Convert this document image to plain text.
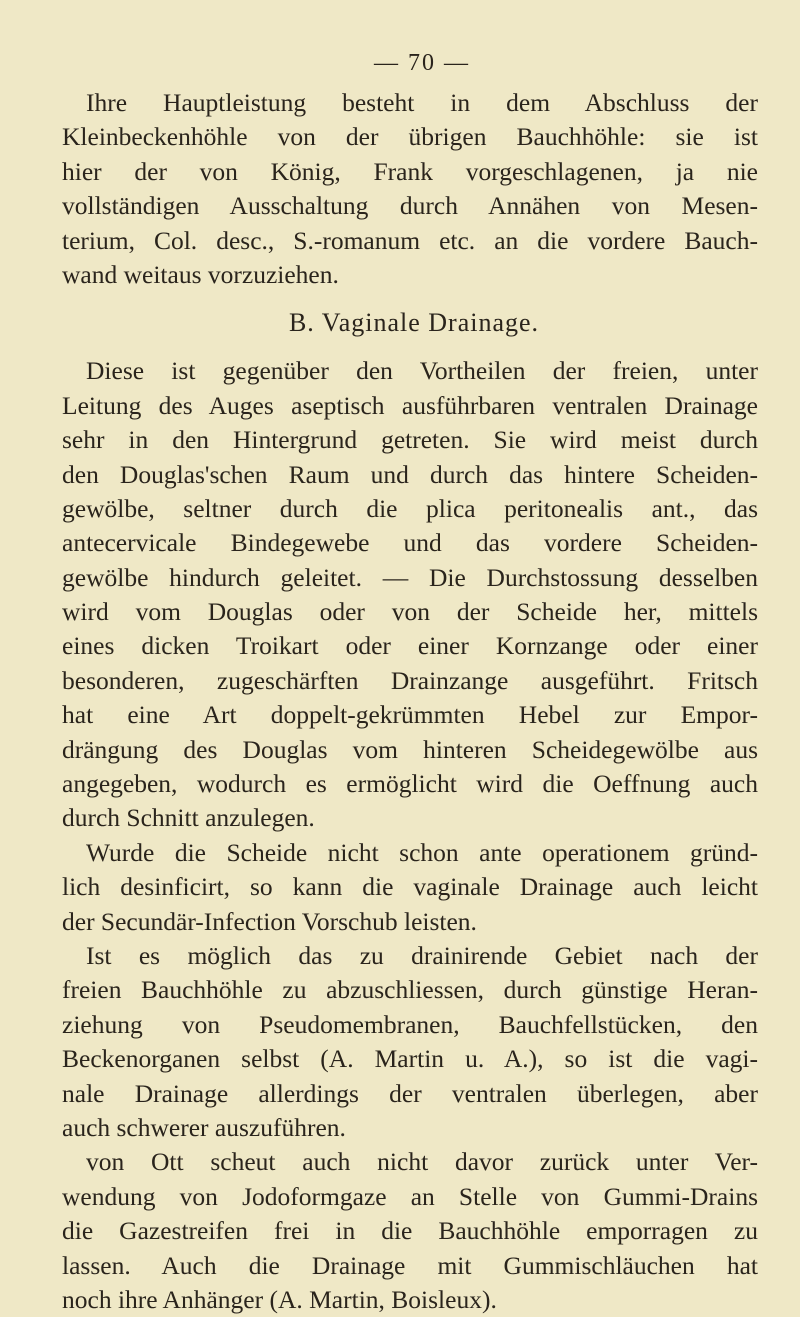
— 70 —
Ihre Hauptleistung besteht in dem Abschluss der
Kleinbeckenhöhle von der übrigen Bauchhöhle: sie ist
hier der von König, Frank vorgeschlagenen, ja nie
vollständigen Ausschaltung durch Annähen von Mesen-
terium, Col. desc., S.-romanum etc. an die vordere Bauch-
wand weitaus vorzuziehen.
B. Vaginale Drainage.
Diese ist gegenüber den Vortheilen der freien, unter
Leitung des Auges aseptisch ausführbaren ventralen Drainage
sehr in den Hintergrund getreten. Sie wird meist durch
den Douglas'schen Raum und durch das hintere Scheiden-
gewölbe, seltner durch die plica peritonealis ant., das
antecervicale Bindegewebe und das vordere Scheiden-
gewölbe hindurch geleitet. — Die Durchstossung desselben
wird vom Douglas oder von der Scheide her, mittels
eines dicken Troikart oder einer Kornzange oder einer
besonderen, zugeschärften Drainzange ausgeführt. Fritsch
hat eine Art doppelt-gekrümmten Hebel zur Empor-
drängung des Douglas vom hinteren Scheidegewölbe aus
angegeben, wodurch es ermöglicht wird die Oeffnung auch
durch Schnitt anzulegen.
Wurde die Scheide nicht schon ante operationem gründ-
lich desinficirt, so kann die vaginale Drainage auch leicht
der Secundär-Infection Vorschub leisten.
Ist es möglich das zu drainirende Gebiet nach der
freien Bauchhöhle zu abzuschliessen, durch günstige Heran-
ziehung von Pseudomembranen, Bauchfellstücken, den
Beckenorganen selbst (A. Martin u. A.), so ist die vagi-
nale Drainage allerdings der ventralen überlegen, aber
auch schwerer auszuführen.
von Ott scheut auch nicht davor zurück unter Ver-
wendung von Jodoformgaze an Stelle von Gummi-Drains
die Gazestreifen frei in die Bauchhöhle emporragen zu
lassen. Auch die Drainage mit Gummischläuchen hat
noch ihre Anhänger (A. Martin, Boisleux).
